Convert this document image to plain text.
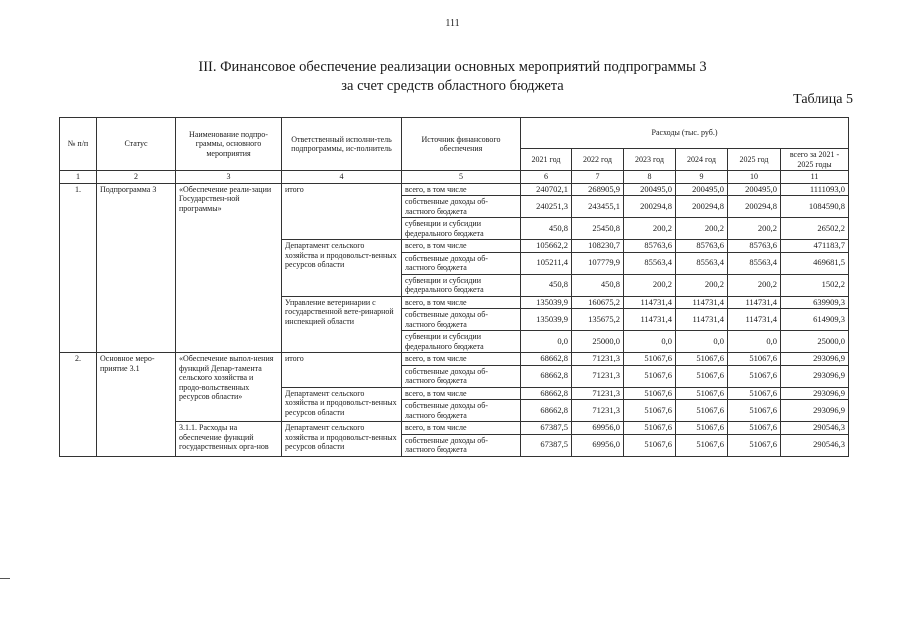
111
III. Финансовое обеспечение реализации основных мероприятий подпрограммы 3
за счет средств областного бюджета
Таблица 5
№ п/п	Статус	Наименование подпро-граммы, основного мероприятия	Ответственный исполни-тель подпрограммы, ис-полнитель	Источник финансового обеспечения	Расходы (тыс. руб.)					
					2021 год	2022 год	2023 год	2024 год	2025 год	всего за 2021 - 2025 годы
1	2	3	4	5	6	7	8	9	10	11
1.	Подпрограмма 3	«Обеспечение реали-зации Государствен-ной программы»	итого	всего, в том числе	240702,1	268905,9	200495,0	200495,0	200495,0	1111093,0
				собственные доходы об-ластного бюджета	240251,3	243455,1	200294,8	200294,8	200294,8	1084590,8
				субвенции и субсидии федерального бюджета	450,8	25450,8	200,2	200,2	200,2	26502,2
			Департамент сельского хозяйства и продовольст-венных ресурсов области	всего, в том числе	105662,2	108230,7	85763,6	85763,6	85763,6	471183,7
				собственные доходы об-ластного бюджета	105211,4	107779,9	85563,4	85563,4	85563,4	469681,5
				субвенции и субсидии федерального бюджета	450,8	450,8	200,2	200,2	200,2	1502,2
			Управление ветеринарии с государственной вете-ринарной инспекцией области	всего, в том числе	135039,9	160675,2	114731,4	114731,4	114731,4	639909,3
				собственные доходы об-ластного бюджета	135039,9	135675,2	114731,4	114731,4	114731,4	614909,3
				субвенции и субсидии федерального бюджета	0,0	25000,0	0,0	0,0	0,0	25000,0
2.	Основное меро-приятие 3.1	«Обеспечение выпол-нения функций Депар-тамента сельского хозяйства и продо-вольственных ресурсов области»	итого	всего, в том числе	68662,8	71231,3	51067,6	51067,6	51067,6	293096,9
				собственные доходы об-ластного бюджета	68662,8	71231,3	51067,6	51067,6	51067,6	293096,9
			Департамент сельского хозяйства и продовольст-венных ресурсов области	всего, в том числе	68662,8	71231,3	51067,6	51067,6	51067,6	293096,9
				собственные доходы об-ластного бюджета	68662,8	71231,3	51067,6	51067,6	51067,6	293096,9
		3.1.1. Расходы на обеспечение функций государственных орга-нов	Департамент сельского хозяйства и продовольст-венных ресурсов области	всего, в том числе	67387,5	69956,0	51067,6	51067,6	51067,6	290546,3
				собственные доходы об-ластного бюджета	67387,5	69956,0	51067,6	51067,6	51067,6	290546,3
